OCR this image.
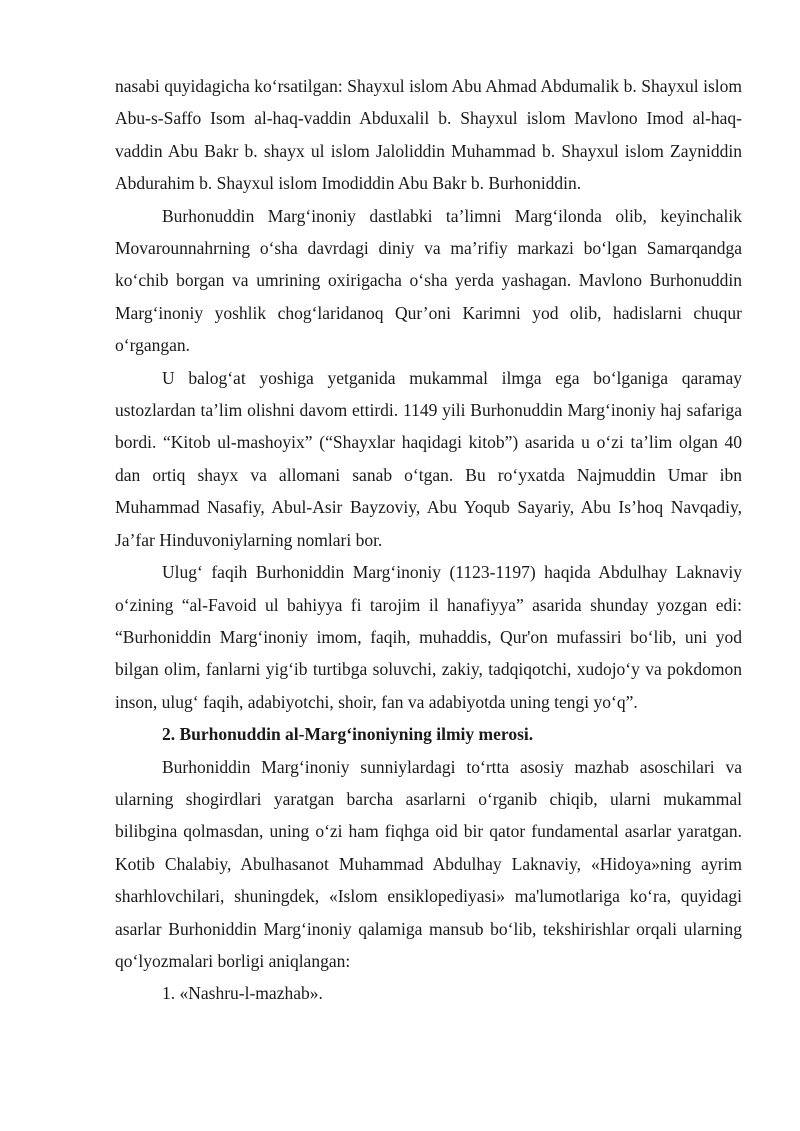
nasabi quyidagicha ko‘rsatilgan: Shayxul islom Abu Ahmad Abdumalik b. Shayxul islom Abu-s-Saffo Isom al-haq-vaddin Abduxalil b. Shayxul islom Mavlono Imod al-haq-vaddin Abu Bakr b. shayx ul islom Jaloliddin Muhammad b. Shayxul islom Zayniddin Abdurahim b. Shayxul islom Imodiddin Abu Bakr b. Burhoniddin.

Burhonuddin Marg‘inoniy dastlabki ta’limni Marg‘ilonda olib, keyinchalik Movarounnahrning o‘sha davrdagi diniy va ma’rifiy markazi bo‘lgan Samarqandga ko‘chib borgan va umrining oxirigacha o‘sha yerda yashagan. Mavlono Burhonuddin Marg‘inoniy yoshlik chog‘laridanoq Qur’oni Karimni yod olib, hadislarni chuqur o‘rgangan.

U balog‘at yoshiga yetganida mukammal ilmga ega bo‘lganiga qaramay ustozlardan ta’lim olishni davom ettirdi. 1149 yili Burhonuddin Marg‘inoniy haj safariga bordi. “Kitob ul-mashoyix” (“Shayxlar haqidagi kitob”) asarida u o‘zi ta’lim olgan 40 dan ortiq shayx va allomani sanab o‘tgan. Bu ro‘yxatda Najmuddin Umar ibn Muhammad Nasafiy, Abul-Asir Bayzoviy, Abu Yoqub Sayariy, Abu Is’hoq Navqadiy, Ja’far Hinduvoniylarning nomlari bor.

Ulug‘ faqih Burhoniddin Marg‘inoniy (1123-1197) haqida Abdulhay Laknaviy o‘zining “al-Favoid ul bahiyya fi tarojim il hanafiyya” asarida shunday yozgan edi: “Burhoniddin Marg‘inoniy imom, faqih, muhaddis, Qur'on mufassiri bo‘lib, uni yod bilgan olim, fanlarni yig‘ib turtibga soluvchi, zakiy, tadqiqotchi, xudojo‘y va pokdomon inson, ulug‘ faqih, adabiyotchi, shoir, fan va adabiyotda uning tengi yo‘q”.

2. Burhonuddin al-Marg‘inoniyning ilmiy merosi.

Burhoniddin Marg‘inoniy sunniylardagi to‘rtta asosiy mazhab asoschilari va ularning shogirdlari yaratgan barcha asarlarni o‘rganib chiqib, ularni mukammal bilibgina qolmasdan, uning o‘zi ham fiqhga oid bir qator fundamental asarlar yaratgan. Kotib Chalabiy, Abulhasanot Muhammad Abdulhay Laknaviy, «Hidoya»ning ayrim sharhlovchilari, shuningdek, «Islom ensiklopediyasi» ma'lumotlariga ko‘ra, quyidagi asarlar Burhoniddin Marg‘inoniy qalamiga mansub bo‘lib, tekshirishlar orqali ularning qo‘lyozmalari borligi aniqlangan:

1. «Nashru-l-mazhab».
